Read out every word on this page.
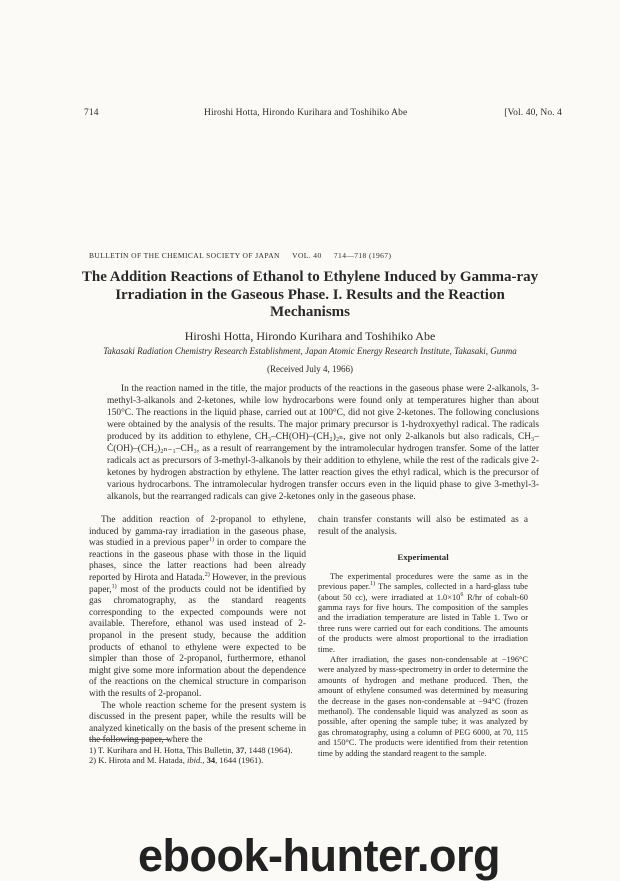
714	Hiroshi Hotta, Hirondo Kurihara and Toshihiko Abe	[Vol. 40, No. 4
BULLETIN OF THE CHEMICAL SOCIETY OF JAPAN VOL. 40 714—718 (1967)
The Addition Reactions of Ethanol to Ethylene Induced by Gamma-ray Irradiation in the Gaseous Phase. I. Results and the Reaction Mechanisms
Hiroshi Hotta, Hirondo Kurihara and Toshihiko Abe
Takasaki Radiation Chemistry Research Establishment, Japan Atomic Energy Research Institute, Takasaki, Gunma
(Received July 4, 1966)

In the reaction named in the title, the major products of the reactions in the gaseous phase were 2-alkanols, 3-methyl-3-alkanols and 2-ketones, while low hydrocarbons were found only at temperatures higher than about 150°C. The reactions in the liquid phase, carried out at 100°C, did not give 2-ketones. The following conclusions were obtained by the analysis of the results. The major primary precursor is 1-hydroxyethyl radical. The radicals produced by its addition to ethylene, CH₃–CH(OH)–(CH₂)₂ₙ, give not only 2-alkanols but also radicals, CH₃–Ċ(OH)–(CH₂)₂ₙ₋₁–CH₃, as a result of rearrangement by the intramolecular hydrogen transfer. Some of the latter radicals act as precursors of 3-methyl-3-alkanols by their addition to ethylene, while the rest of the radicals give 2-ketones by hydrogen abstraction by ethylene. The latter reaction gives the ethyl radical, which is the precursor of various hydrocarbons. The intramolecular hydrogen transfer occurs even in the liquid phase to give 3-methyl-3-alkanols, but the rearranged radicals can give 2-ketones only in the gaseous phase.

The addition reaction of 2-propanol to ethylene, induced by gamma-ray irradiation in the gaseous phase, was studied in a previous paper$^{1)}$ in order to compare the reactions in the gaseous phase with those in the liquid phases, since the latter reactions had been already reported by Hirota and Hatada.$^{2)}$ However, in the previous paper,$^{1)}$ most of the products could not be identified by gas chromatography, as the standard reagents corresponding to the expected compounds were not available. Therefore, ethanol was used instead of 2-propanol in the present study, because the addition products of ethanol to ethylene were expected to be simpler than those of 2-propanol, furthermore, ethanol might give some more information about the dependence of the reactions on the chemical structure in comparison with the results of 2-propanol.

The whole reaction scheme for the present system is discussed in the present paper, while the results will be analyzed kinetically on the basis of the present scheme in the following paper, where the

1) T. Kurihara and H. Hotta, This Bulletin, 37, 1448 (1964).
2) K. Hirota and M. Hatada, ibid., 34, 1644 (1961).

chain transfer constants will also be estimated as a result of the analysis.

Experimental

The experimental procedures were the same as in the previous paper.$^{1)}$ The samples, collected in a hard-glass tube (about 50 cc), were irradiated at $1.0\times 10^6$ R/hr of cobalt-60 gamma rays for five hours. The composition of the samples and the irradiation temperature are listed in Table 1. Two or three runs were carried out for each conditions. The amounts of the products were almost proportional to the irradiation time.

After irradiation, the gases non-condensable at −196°C were analyzed by mass-spectrometry in order to determine the amounts of hydrogen and methane produced. Then, the amount of ethylene consumed was determined by measuring the decrease in the gases non-condensable at −94°C (frozen methanol). The condensable liquid was analyzed as soon as possible, after opening the sample tube; it was analyzed by gas chromatography, using a column of PEG 6000, at 70, 115 and 150°C. The products were identified from their retention time by adding the standard reagent to the sample.

ebook-hunter.org
